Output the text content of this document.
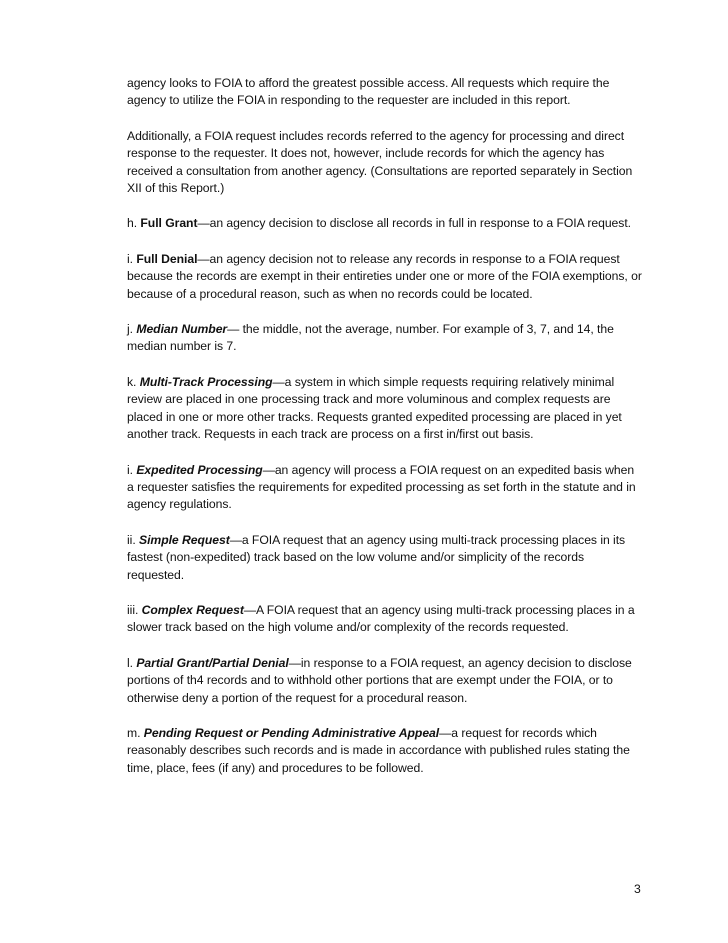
agency looks to FOIA to afford the greatest possible access. All requests which require the agency to utilize the FOIA in responding to the requester are included in this report.

Additionally, a FOIA request includes records referred to the agency for processing and direct response to the requester. It does not, however, include records for which the agency has received a consultation from another agency. (Consultations are reported separately in Section XII of this Report.)

h. Full Grant—an agency decision to disclose all records in full in response to a FOIA request.

i. Full Denial—an agency decision not to release any records in response to a FOIA request because the records are exempt in their entireties under one or more of the FOIA exemptions, or because of a procedural reason, such as when no records could be located.

j. Median Number— the middle, not the average, number. For example of 3, 7, and 14, the median number is 7.

k. Multi-Track Processing—a system in which simple requests requiring relatively minimal review are placed in one processing track and more voluminous and complex requests are placed in one or more other tracks. Requests granted expedited processing are placed in yet another track. Requests in each track are process on a first in/first out basis.

i. Expedited Processing—an agency will process a FOIA request on an expedited basis when a requester satisfies the requirements for expedited processing as set forth in the statute and in agency regulations.

ii. Simple Request—a FOIA request that an agency using multi-track processing places in its fastest (non-expedited) track based on the low volume and/or simplicity of the records requested.

iii. Complex Request—A FOIA request that an agency using multi-track processing places in a slower track based on the high volume and/or complexity of the records requested.

l. Partial Grant/Partial Denial—in response to a FOIA request, an agency decision to disclose portions of th4 records and to withhold other portions that are exempt under the FOIA, or to otherwise deny a portion of the request for a procedural reason.

m. Pending Request or Pending Administrative Appeal—a request for records which reasonably describes such records and is made in accordance with published rules stating the time, place, fees (if any) and procedures to be followed.

3
